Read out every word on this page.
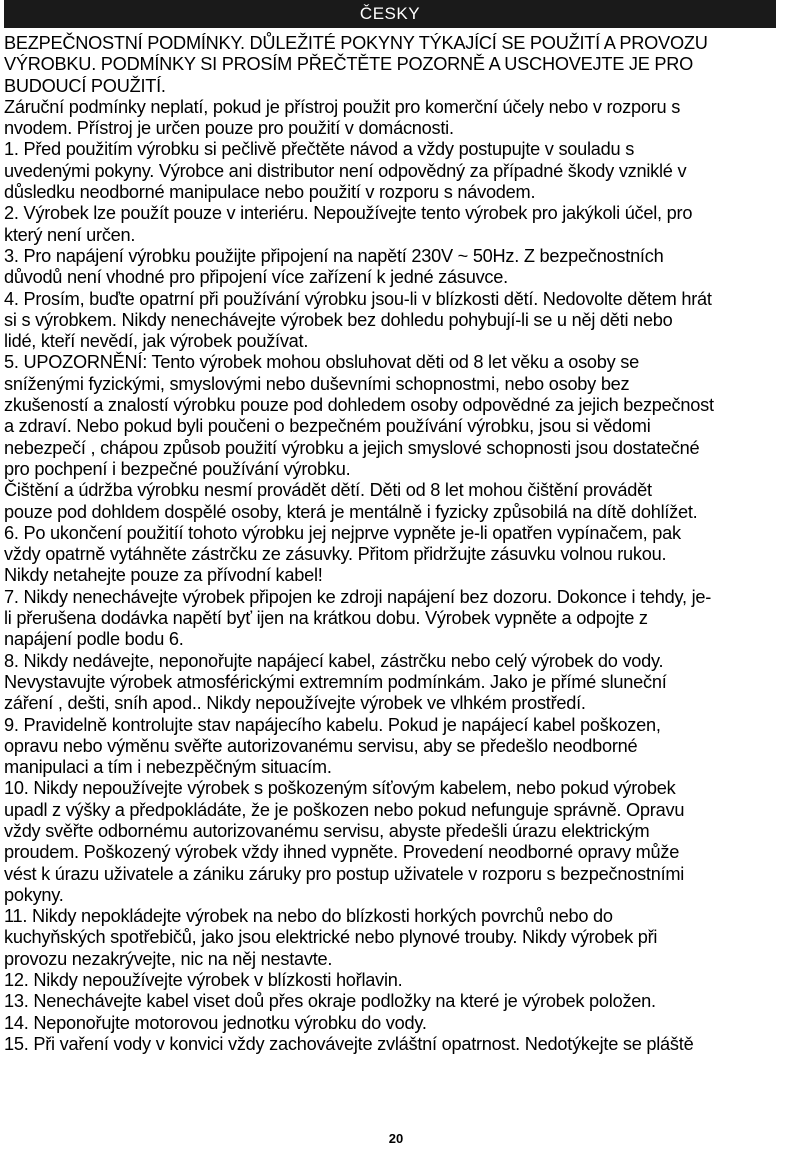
ČESKY

BEZPEČNOSTNÍ PODMÍNKY. DŮLEŽITÉ POKYNY TÝKAJÍCÍ SE POUŽITÍ A PROVOZU

VÝROBKU. PODMÍNKY SI PROSÍM PŘEČTĚTE POZORNĚ A USCHOVEJTE JE PRO

BUDOUCÍ POUŽITÍ.

Záruční podmínky neplatí, pokud je přístroj použit pro komerční účely nebo v rozporu s

nvodem. Přístroj je určen pouze pro použití v domácnosti.

1. Před použitím výrobku si pečlivě přečtěte návod a vždy postupujte v souladu s

uvedenými pokyny. Výrobce ani distributor není odpovědný za případné škody vzniklé v

důsledku neodborné manipulace nebo použití v rozporu s návodem.

2. Výrobek lze použít pouze v interiéru. Nepoužívejte tento výrobek pro jakýkoli účel, pro

který není určen.

3. Pro napájení výrobku použijte připojení na napětí 230V ~ 50Hz. Z bezpečnostních

důvodů není vhodné pro připojení více zařízení k jedné zásuvce.

4. Prosím, buďte opatrní při používání výrobku jsou-li v blízkosti dětí. Nedovolte dětem hrát

si s výrobkem. Nikdy nenechávejte výrobek bez dohledu pohybují-li se u něj děti nebo

lidé, kteří nevědí, jak výrobek používat.

5. UPOZORNĚNÍ: Tento výrobek mohou obsluhovat děti od 8 let věku a osoby se

sníženými fyzickými, smyslovými nebo duševními schopnostmi, nebo osoby bez

zkušeností a znalostí výrobku pouze pod dohledem osoby odpovědné za jejich bezpečnost

a zdraví. Nebo pokud byli poučeni o bezpečném používání výrobku, jsou si vědomi

nebezpečí , chápou způsob použití výrobku a jejich smyslové schopnosti jsou dostatečné

pro pochpení i bezpečné používání výrobku.

Čištění a údržba výrobku nesmí provádět dětí. Děti od 8 let mohou čištění provádět

pouze pod dohldem dospělé osoby, která je mentálně i fyzicky způsobilá na dítě dohlížet.

6. Po ukončení použitíí tohoto výrobku jej nejprve vypněte je-li opatřen vypínačem, pak

vždy opatrně vytáhněte zástrčku ze zásuvky. Přitom přidržujte zásuvku volnou rukou.

Nikdy netahejte pouze za přívodní kabel!

7. Nikdy nenechávejte výrobek připojen ke zdroji napájení bez dozoru. Dokonce i tehdy, je-

li přerušena dodávka napětí byť ijen na krátkou dobu. Výrobek vypněte a odpojte z

napájení podle bodu 6.

8. Nikdy nedávejte, neponořujte napájecí kabel, zástrčku nebo celý výrobek do vody.

Nevystavujte výrobek atmosférickými extremním podmínkám. Jako je přímé sluneční

záření , dešti, sníh apod.. Nikdy nepoužívejte výrobek ve vlhkém prostředí.

9. Pravidelně kontrolujte stav napájecího kabelu. Pokud je napájecí kabel poškozen,

opravu nebo výměnu svěřte autorizovanému servisu, aby se předešlo neodborné

manipulaci a tím i nebezpěčným situacím.

10. Nikdy nepoužívejte výrobek s poškozeným síťovým kabelem, nebo pokud výrobek

upadl z výšky a předpokládáte, že je poškozen nebo pokud nefunguje správně. Opravu

vždy svěřte odbornému autorizovanému servisu, abyste předešli úrazu elektrickým

proudem. Poškozený výrobek vždy ihned vypněte. Provedení neodborné opravy může

vést k úrazu uživatele a zániku záruky pro postup uživatele v rozporu s bezpečnostními

pokyny.

11. Nikdy nepokládejte výrobek na nebo do blízkosti horkých povrchů nebo do

kuchyňských spotřebičů, jako jsou elektrické nebo plynové trouby. Nikdy výrobek při

provozu nezakrývejte, nic na něj nestavte.

12. Nikdy nepoužívejte výrobek v blízkosti hořlavin.

13. Nenechávejte kabel viset doů přes okraje podložky na které je výrobek položen.

14. Neponořujte motorovou jednotku výrobku do vody.

15. Při vaření vody v konvici vždy zachovávejte zvláštní opatrnost. Nedotýkejte se pláště

20
